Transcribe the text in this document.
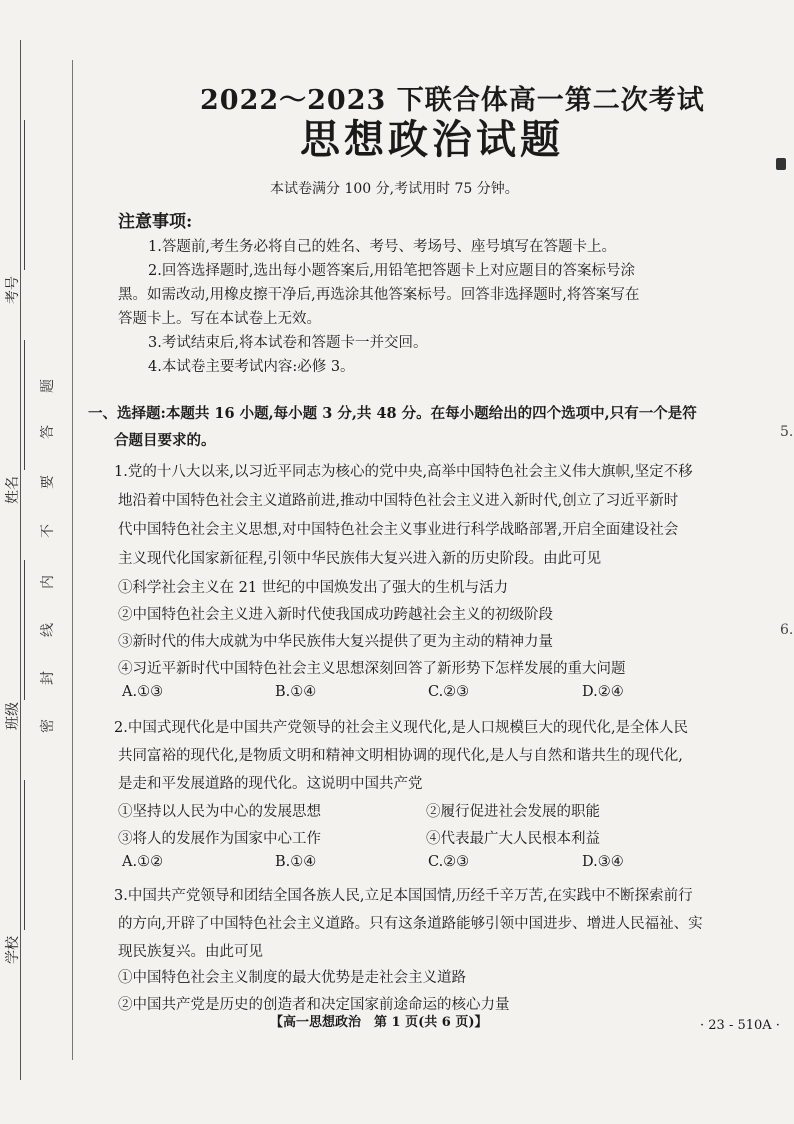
考号
姓名
班级
学校
题
答
要
不
内
线
封
密
2022～2023 下联合体高一第二次考试
思想政治试题
本试卷满分 100 分,考试用时 75 分钟。
注意事项:
1.答题前,考生务必将自己的姓名、考号、考场号、座号填写在答题卡上。
2.回答选择题时,选出每小题答案后,用铅笔把答题卡上对应题目的答案标号涂
黑。如需改动,用橡皮擦干净后,再选涂其他答案标号。回答非选择题时,将答案写在
答题卡上。写在本试卷上无效。
3.考试结束后,将本试卷和答题卡一并交回。
4.本试卷主要考试内容:必修 3。
一、选择题:本题共 16 小题,每小题 3 分,共 48 分。在每小题给出的四个选项中,只有一个是符
合题目要求的。
1.党的十八大以来,以习近平同志为核心的党中央,高举中国特色社会主义伟大旗帜,坚定不移
地沿着中国特色社会主义道路前进,推动中国特色社会主义进入新时代,创立了习近平新时
代中国特色社会主义思想,对中国特色社会主义事业进行科学战略部署,开启全面建设社会
主义现代化国家新征程,引领中华民族伟大复兴进入新的历史阶段。由此可见
①科学社会主义在 21 世纪的中国焕发出了强大的生机与活力
②中国特色社会主义进入新时代使我国成功跨越社会主义的初级阶段
③新时代的伟大成就为中华民族伟大复兴提供了更为主动的精神力量
④习近平新时代中国特色社会主义思想深刻回答了新形势下怎样发展的重大问题
A.①③	B.①④	C.②③	D.②④
2.中国式现代化是中国共产党领导的社会主义现代化,是人口规模巨大的现代化,是全体人民
共同富裕的现代化,是物质文明和精神文明相协调的现代化,是人与自然和谐共生的现代化,
是走和平发展道路的现代化。这说明中国共产党
①坚持以人民为中心的发展思想	②履行促进社会发展的职能
③将人的发展作为国家中心工作	④代表最广大人民根本利益
A.①②	B.①④	C.②③	D.③④
3.中国共产党领导和团结全国各族人民,立足本国国情,历经千辛万苦,在实践中不断探索前行
的方向,开辟了中国特色社会主义道路。只有这条道路能够引领中国进步、增进人民福祉、实
现民族复兴。由此可见
①中国特色社会主义制度的最大优势是走社会主义道路
②中国共产党是历史的创造者和决定国家前途命运的核心力量
【高一思想政治　第 1 页(共 6 页)】	· 23 - 510A ·
5.
6.
